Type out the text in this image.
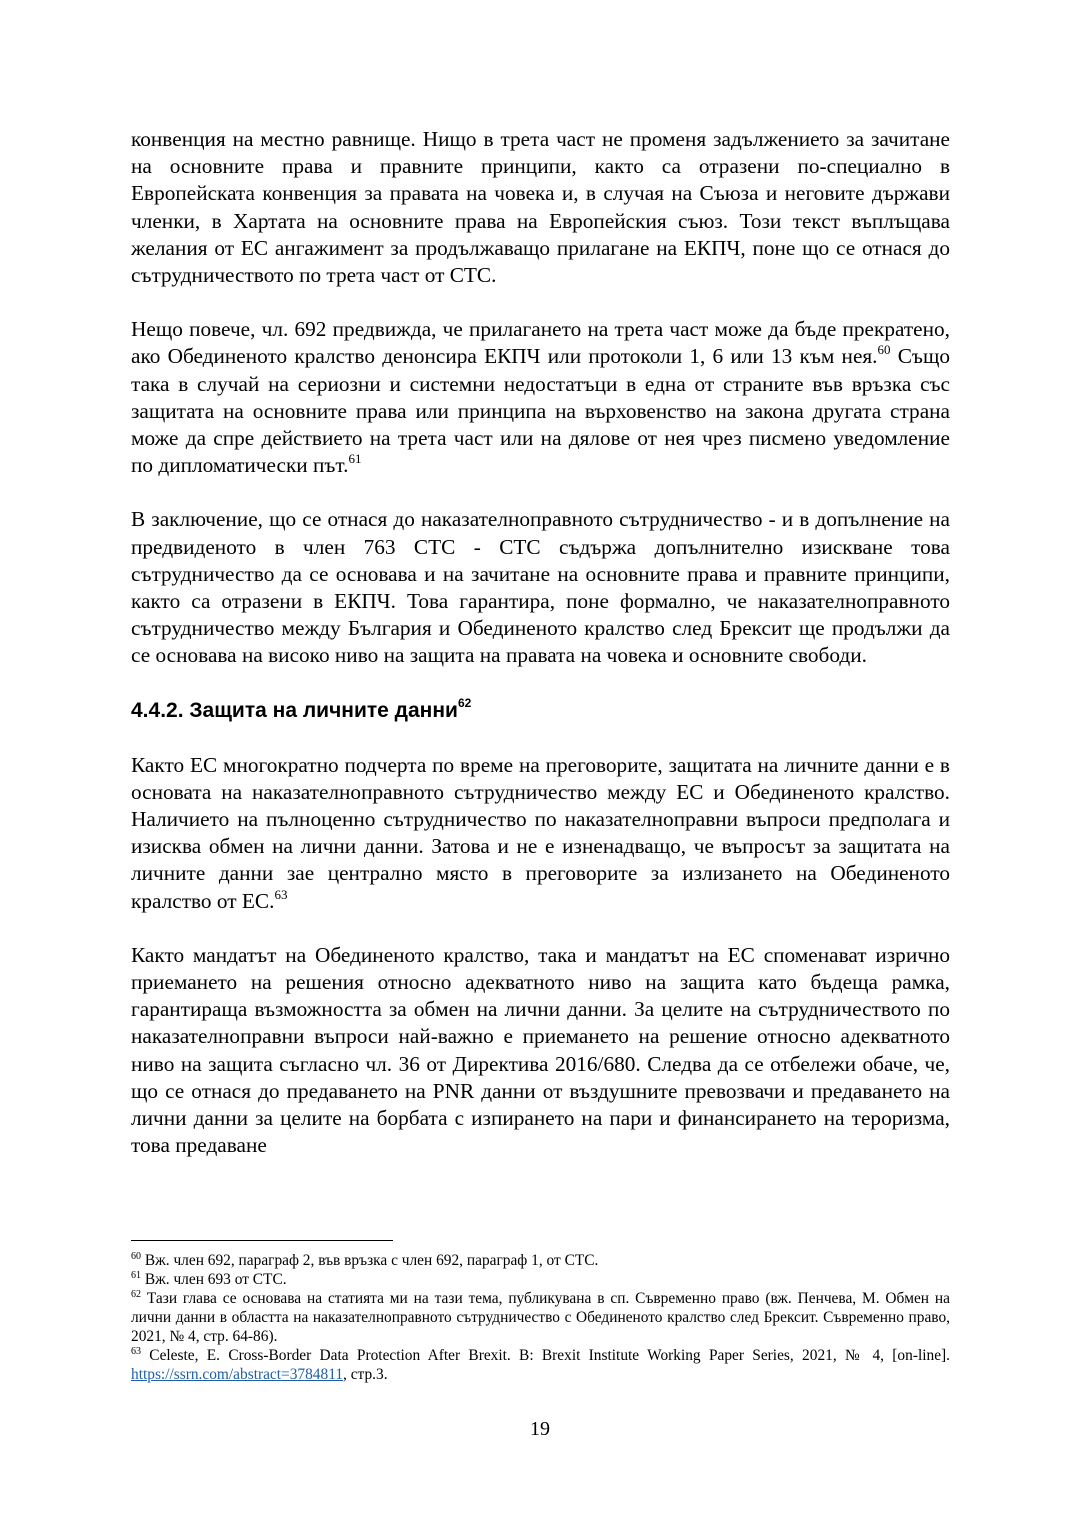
конвенция на местно равнище. Нищо в трета част не променя задължението за зачитане на основните права и правните принципи, както са отразени по-специално в Европейската конвенция за правата на човека и, в случая на Съюза и неговите държави членки, в Хартата на основните права на Европейския съюз. Този текст въплъщава желания от ЕС ангажимент за продължаващо прилагане на ЕКПЧ, поне що се отнася до сътрудничеството по трета част от СТС.

Нещо повече, чл. 692 предвижда, че прилагането на трета част може да бъде прекратено, ако Обединеното кралство денонсира ЕКПЧ или протоколи 1, 6 или 13 към нея.$^{60}$ Също така в случай на сериозни и системни недостатъци в една от страните във връзка със защитата на основните права или принципа на върховенство на закона другата страна може да спре действието на трета част или на дялове от нея чрез писмено уведомление по дипломатически път.$^{61}$

В заключение, що се отнася до наказателноправното сътрудничество - и в допълнение на предвиденото в член 763 СТС - СТС съдържа допълнително изискване това сътрудничество да се основава и на зачитане на основните права и правните принципи, както са отразени в ЕКПЧ. Това гарантира, поне формално, че наказателноправното сътрудничество между България и Обединеното кралство след Брексит ще продължи да се основава на високо ниво на защита на правата на човека и основните свободи.

4.4.2. Защита на личните данни$^{62}$

Както ЕС многократно подчерта по време на преговорите, защитата на личните данни е в основата на наказателноправното сътрудничество между ЕС и Обединеното кралство. Наличието на пълноценно сътрудничество по наказателноправни въпроси предполага и изисква обмен на лични данни. Затова и не е изненадващо, че въпросът за защитата на личните данни зае централно място в преговорите за излизането на Обединеното кралство от ЕС.$^{63}$

Както мандатът на Обединеното кралство, така и мандатът на ЕС споменават изрично приемането на решения относно адекватното ниво на защита като бъдеща рамка, гарантираща възможността за обмен на лични данни. За целите на сътрудничеството по наказателноправни въпроси най-важно е приемането на решение относно адекватното ниво на защита съгласно чл. 36 от Директива 2016/680. Следва да се отбележи обаче, че, що се отнася до предаването на PNR данни от въздушните превозвачи и предаването на лични данни за целите на борбата с изпирането на пари и финансирането на тероризма, това предаване

$^{60}$ Вж. член 692, параграф 2, във връзка с член 692, параграф 1, от СТС.

$^{61}$ Вж. член 693 от СТС.

$^{62}$ Тази глава се основава на статията ми на тази тема, публикувана в сп. Съвременно право (вж. Пенчева, М. Обмен на лични данни в областта на наказателноправното сътрудничество с Обединеното кралство след Брексит. Съвременно право, 2021, № 4, стр. 64-86).

$^{63}$ Celeste, E. Cross-Border Data Protection After Brexit. В: Brexit Institute Working Paper Series, 2021, № 4, [on-line]. https://ssrn.com/abstract=3784811, стр.3.

19
